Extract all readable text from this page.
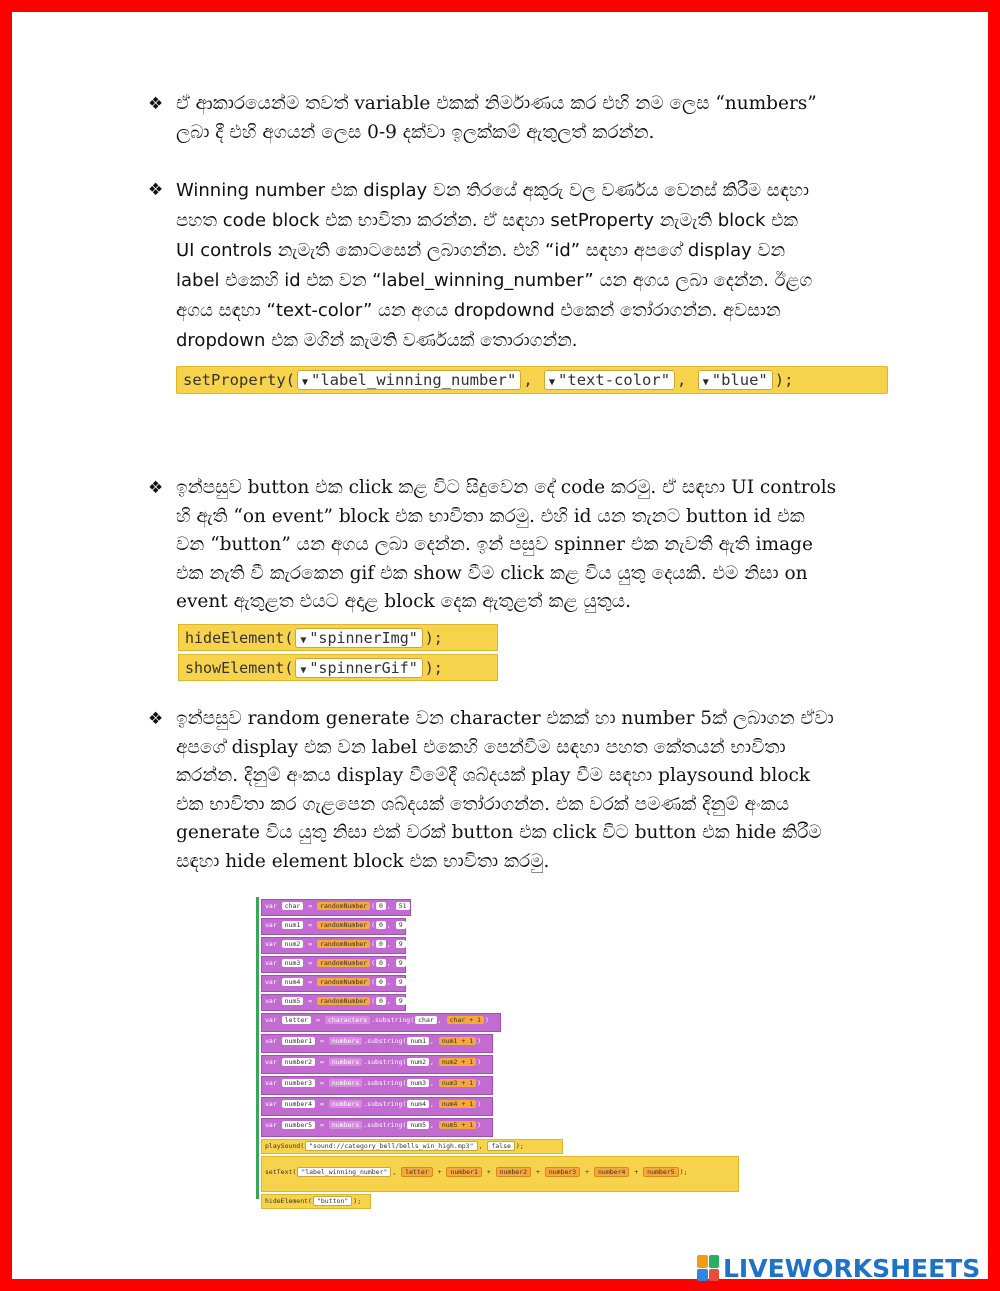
❖ ඒ ආකාරයෙන්ම තවත් variable එකක් නිර්මාණය කර එහි නම ලෙස “numbers”

ලබා දී එහි අගයන් ලෙස 0-9 දක්වා ඉලක්කම් ඇතුලත් කරන්න.

❖ Winning number එක display වන තිරයේ අකුරු වල වර්ණය වෙනස් කිරීම සඳහා

පහත code block එක භාවිතා කරන්න. ඒ සඳහා setProperty නැමැති block එක

UI controls නැමැති කොටසෙන් ලබාගන්න. එහි “id” සඳහා අපගේ display වන

label එකෙහි id එක වන “label_winning_number” යන අගය ලබා දෙන්න. ඊළග

අගය සඳහා “text-color” යන අගය dropdownd එකෙන් තෝරාගන්න. අවසාන

dropdown එක මගින් කැමති වර්ණයක් තොරාගන්න.

setProperty( ▼ "label_winning_number" , ▼ "text-color" , ▼ "blue" );
❖ ඉන්පසුව button එක click කළ විට සිදුවෙන දේ code කරමු. ඒ සඳහා UI controls

හි ඇති “on event” block එක භාවිතා කරමු. එහි id යන තැනට button id එක

වන “button” යන අගය ලබා දෙන්න. ඉන් පසුව spinner එක නැවතී ඇති image

එක නැති වී කැරකෙන gif එක show වීම click කළ විය යුතු දෙයකි. එම නිසා on

event ඇතුළත එයට අදාළ block දෙක ඇතුළත් කළ යුතුය.

hideElement( ▼ "spinnerImg" );
showElement( ▼ "spinnerGif" );
❖ ඉන්පසුව random generate වන character එකක් හා number 5ක් ලබාගන ඒවා

අපගේ display එක වන label එකෙහි පෙන්වීම සඳහා පහත කේතයන් භාවිතා

කරන්න. දිනුම් අංකය display වීමේදී ශබ්දයක් play වීම සඳහා playsound block

එක භාවිතා කර ගැළපෙන ශබ්දයක් තෝරාගන්න. එක වරක් පමණක් දිනුම් අංකය

generate විය යුතු නිසා එක් වරක් button එක click විට button එක hide කිරීම

සඳහා hide element block එක භාවිතා කරමු.

var char = randomNumber ( 0 , 51 )
var num1 = randomNumber ( 0 , 9 )
var num2 = randomNumber ( 0 , 9 )
var num3 = randomNumber ( 0 , 9 )
var num4 = randomNumber ( 0 , 9 )
var num5 = randomNumber ( 0 , 9 )
var letter = characters .substring( char , char + 1 )
var number1 = numbers .substring( num1 , num1 + 1 )
var number2 = numbers .substring( num2 , num2 + 1 )
var number3 = numbers .substring( num3 , num3 + 1 )
var number4 = numbers .substring( num4 , num4 + 1 )
var number5 = numbers .substring( num5 , num5 + 1 )
playSound( "sound://category_bell/bells_win_high.mp3" , false );
setText( "label_winning_number" , letter + number1 + number2 + number3 + number4 + number5 );
hideElement( "button" );
LIVEWORKSHEETS
